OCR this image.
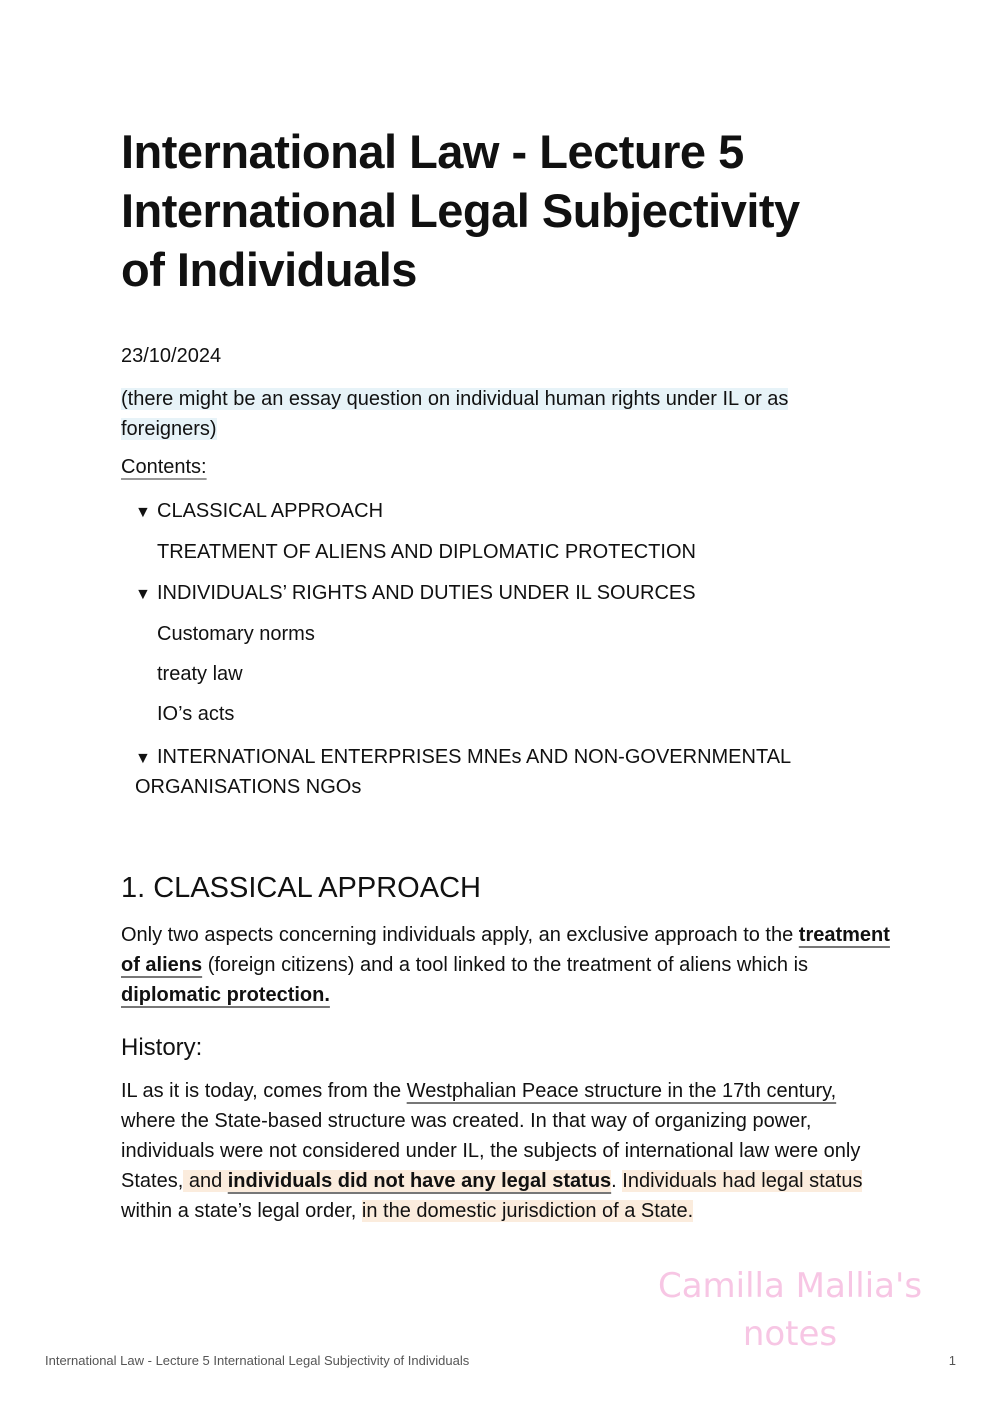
International Law - Lecture 5
International Legal Subjectivity
of Individuals

23/10/2024

(there might be an essay question on individual human rights under IL or as foreigners)

Contents:

▼ CLASSICAL APPROACH

TREATMENT OF ALIENS AND DIPLOMATIC PROTECTION

▼ INDIVIDUALS’ RIGHTS AND DUTIES UNDER IL SOURCES

Customary norms

treaty law

IO’s acts

▼ INTERNATIONAL ENTERPRISES MNEs AND NON-GOVERNMENTAL

ORGANISATIONS NGOs

1. CLASSICAL APPROACH

Only two aspects concerning individuals apply, an exclusive approach to the treatment of aliens (foreign citizens) and a tool linked to the treatment of aliens which is diplomatic protection.

History:

IL as it is today, comes from the Westphalian Peace structure in the 17th century, where the State-based structure was created. In that way of organizing power, individuals were not considered under IL, the subjects of international law were only States, and individuals did not have any legal status. Individuals had legal status within a state’s legal order, in the domestic jurisdiction of a State.

Camilla Mallia's
notes

International Law - Lecture 5 International Legal Subjectivity of Individuals	1
